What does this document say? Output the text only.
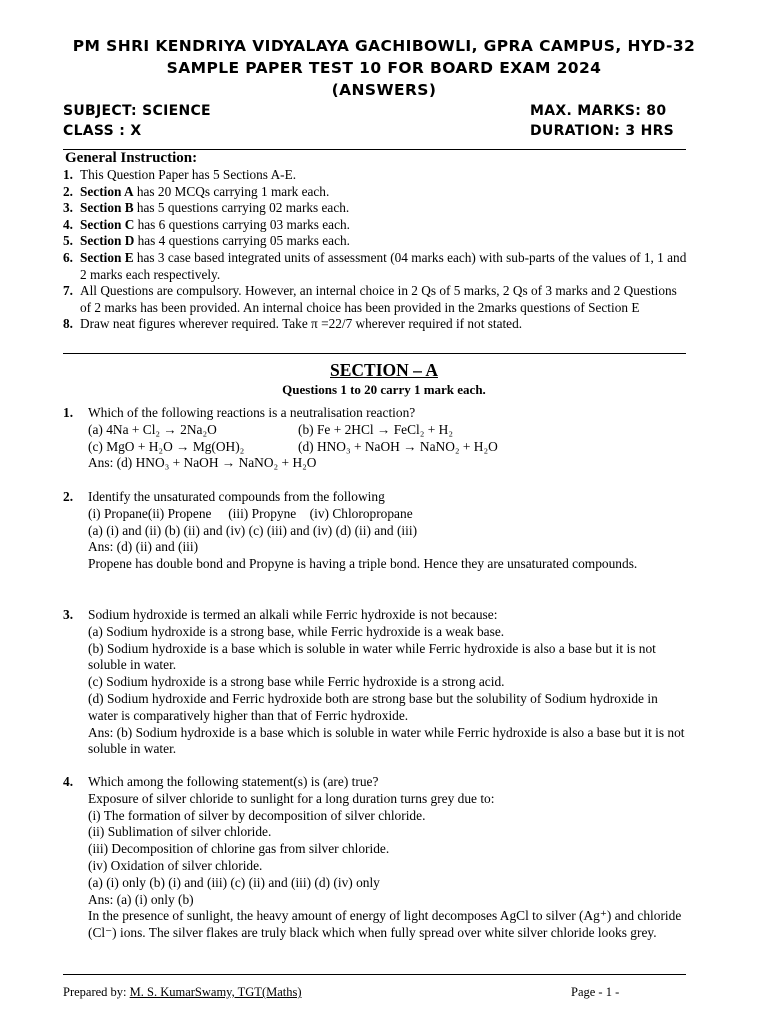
PM SHRI KENDRIYA VIDYALAYA GACHIBOWLI, GPRA CAMPUS, HYD-32
SAMPLE PAPER TEST 10 FOR BOARD EXAM 2024
(ANSWERS)
SUBJECT: SCIENCE	MAX. MARKS: 80
CLASS : X	DURATION: 3 HRS
General Instruction:
1. This Question Paper has 5 Sections A-E.
2. Section A has 20 MCQs carrying 1 mark each.
3. Section B has 5 questions carrying 02 marks each.
4. Section C has 6 questions carrying 03 marks each.
5. Section D has 4 questions carrying 05 marks each.
6. Section E has 3 case based integrated units of assessment (04 marks each) with sub-parts of the values of 1, 1 and 2 marks each respectively.
7. All Questions are compulsory. However, an internal choice in 2 Qs of 5 marks, 2 Qs of 3 marks and 2 Questions of 2 marks has been provided. An internal choice has been provided in the 2marks questions of Section E
8. Draw neat figures wherever required. Take π =22/7 wherever required if not stated.
SECTION – A
Questions 1 to 20 carry 1 mark each.
1. Which of the following reactions is a neutralisation reaction?
(a) 4Na + Cl₂ → 2Na₂O	(b) Fe + 2HCl → FeCl₂ + H₂
(c) MgO + H₂O → Mg(OH)₂	(d) HNO₃ + NaOH → NaNO₂ + H₂O
Ans: (d) HNO₃ + NaOH → NaNO₂ + H₂O
2. Identify the unsaturated compounds from the following
(i) Propane(ii) Propene     (iii) Propyne    (iv) Chloropropane
(a) (i) and (ii) (b) (ii) and (iv) (c) (iii) and (iv) (d) (ii) and (iii)
Ans: (d) (ii) and (iii)
Propene has double bond and Propyne is having a triple bond. Hence they are unsaturated compounds.
3. Sodium hydroxide is termed an alkali while Ferric hydroxide is not because:
(a) Sodium hydroxide is a strong base, while Ferric hydroxide is a weak base.
(b) Sodium hydroxide is a base which is soluble in water while Ferric hydroxide is also a base but it is not soluble in water.
(c) Sodium hydroxide is a strong base while Ferric hydroxide is a strong acid.
(d) Sodium hydroxide and Ferric hydroxide both are strong base but the solubility of Sodium hydroxide in water is comparatively higher than that of Ferric hydroxide.
Ans: (b) Sodium hydroxide is a base which is soluble in water while Ferric hydroxide is also a base but it is not soluble in water.
4. Which among the following statement(s) is (are) true?
Exposure of silver chloride to sunlight for a long duration turns grey due to:
(i) The formation of silver by decomposition of silver chloride.
(ii) Sublimation of silver chloride.
(iii) Decomposition of chlorine gas from silver chloride.
(iv) Oxidation of silver chloride.
(a) (i) only (b) (i) and (iii) (c) (ii) and (iii) (d) (iv) only
Ans: (a) (i) only (b)
In the presence of sunlight, the heavy amount of energy of light decomposes AgCl to silver (Ag⁺) and chloride (Cl⁻) ions. The silver flakes are truly black which when fully spread over white silver chloride looks grey.
Prepared by: M. S. KumarSwamy, TGT(Maths)	Page - 1 -
